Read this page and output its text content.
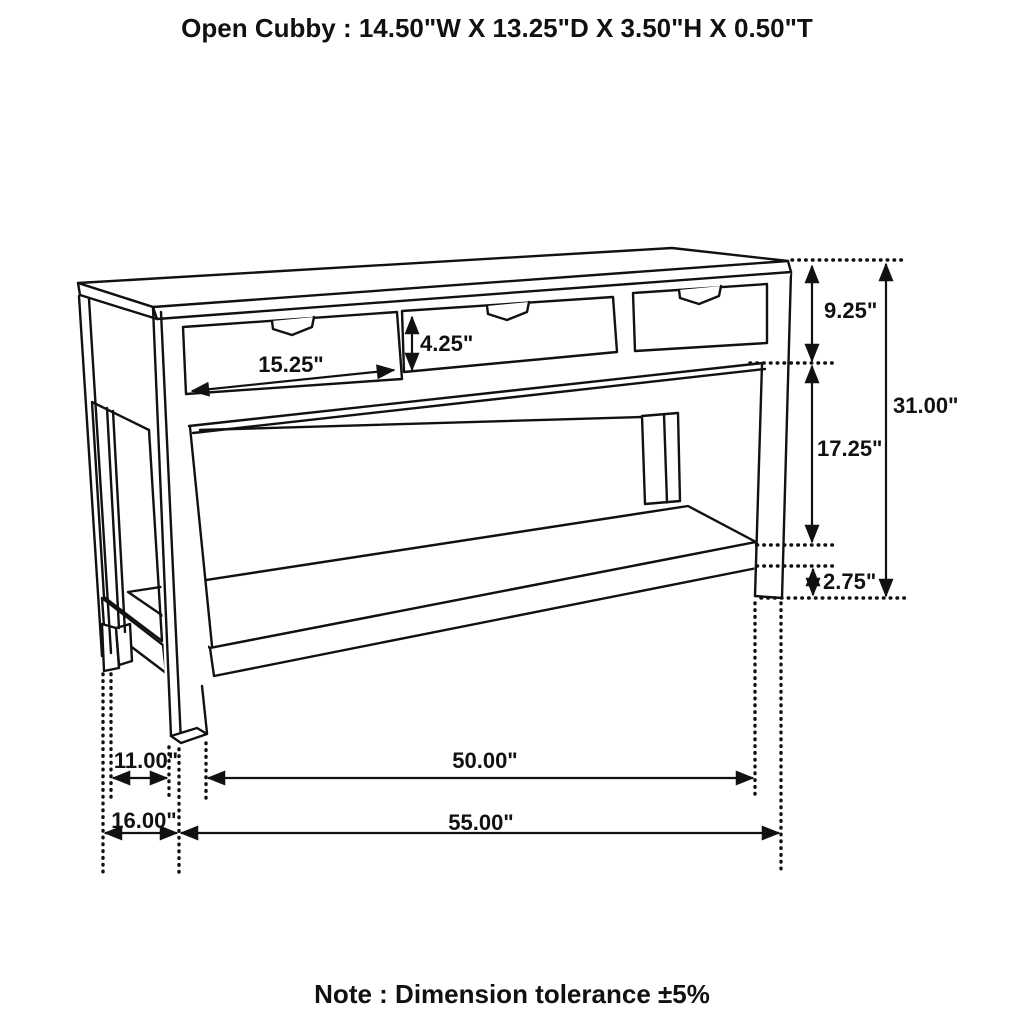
Open Cubby : 14.50"W X 13.25"D X 3.50"H X 0.50"T
15.25"
4.25"
9.25"
17.25"
2.75"
31.00"
11.00"	50.00"
16.00"	55.00"
Note : Dimension tolerance ±5%
